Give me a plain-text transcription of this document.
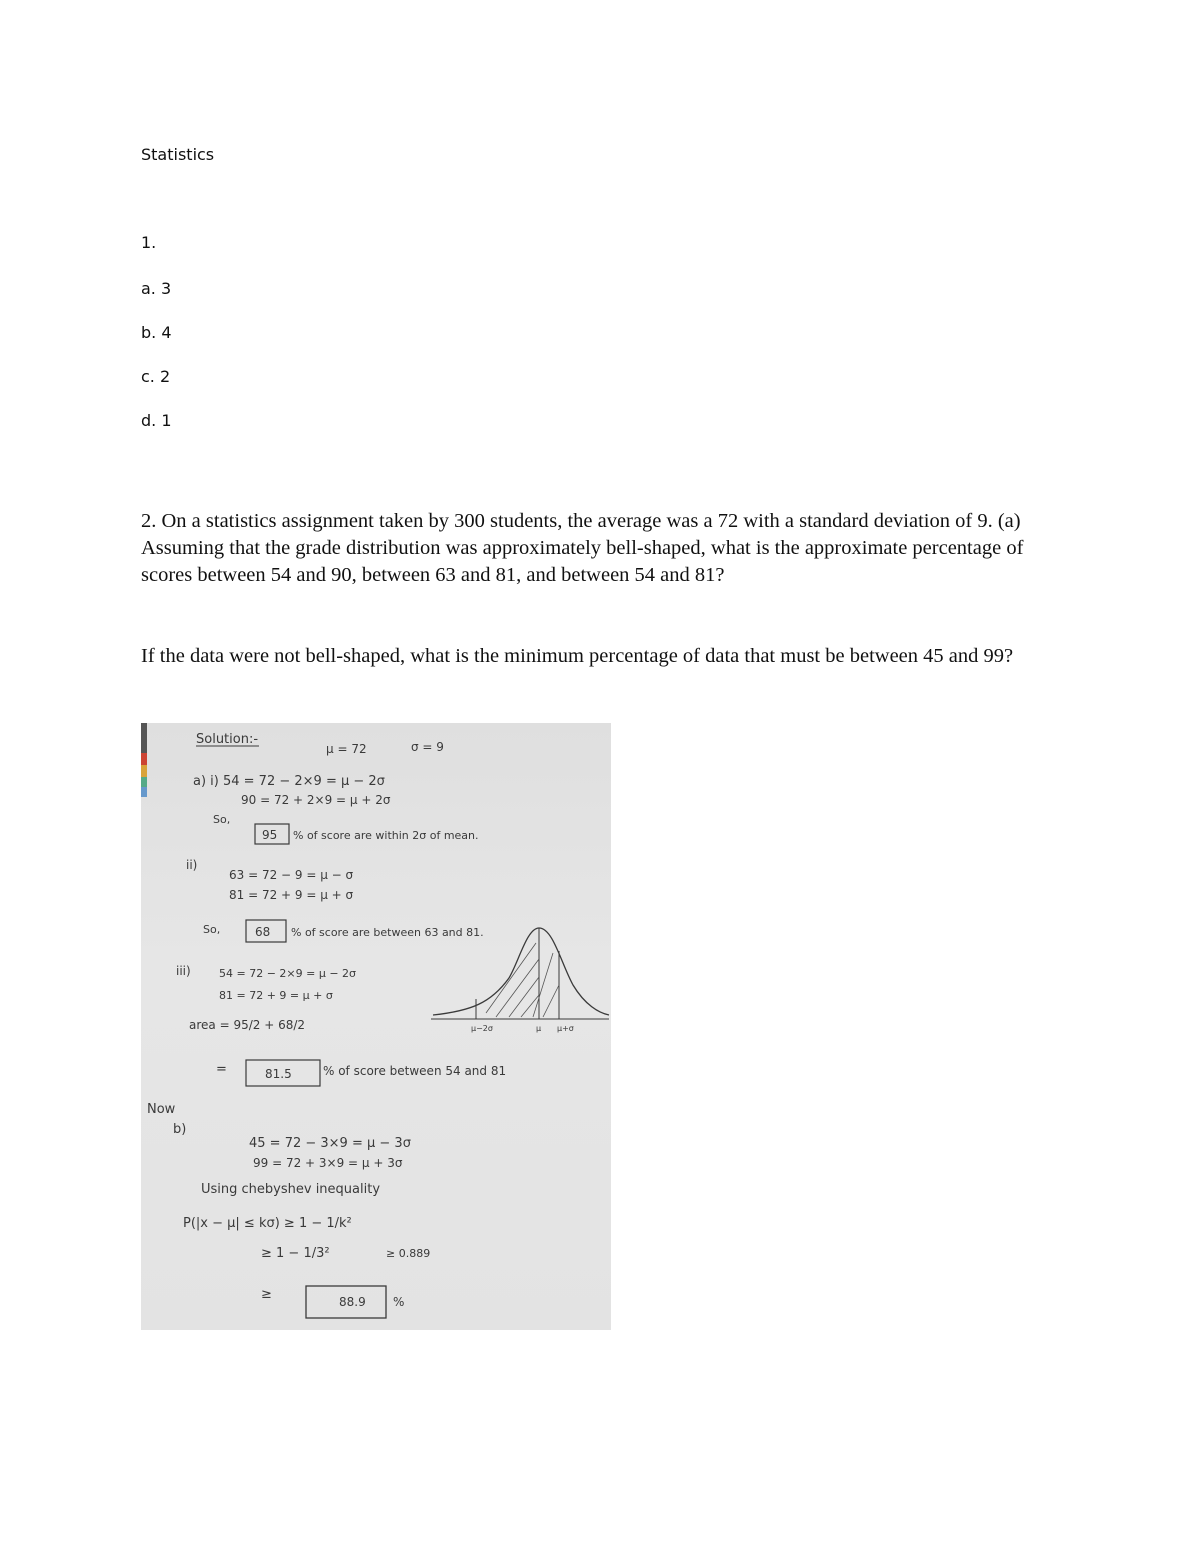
Statistics
1.
a. 3
b. 4
c. 2
d. 1
2. On a statistics assignment taken by 300 students, the average was a 72 with a standard deviation of 9. (a) Assuming that the grade distribution was approximately bell-shaped, what is the approximate percentage of scores between 54 and 90, between 63 and 81, and between 54 and 81?
If the data were not bell-shaped, what is the minimum percentage of data that must be between 45 and 99?
Solution:-
μ = 72	σ = 9
a) i) 54 = 72 − 2×9 = μ − 2σ
90 = 72 + 2×9 = μ + 2σ
So,
95 % of score are within 2σ of mean.
ii)
63 = 72 − 9 = μ − σ
81 = 72 + 9 = μ + σ
So,	68 % of score are between 63 and 81.
iii)	54 = 72 − 2×9 = μ − 2σ
81 = 72 + 9 = μ + σ
area = 95/2 + 68/2
=	81.5	% of score between 54 and 81
μ−2σ	μ μ+σ
Now
b)
45 = 72 − 3×9 = μ − 3σ
99 = 72 + 3×9 = μ + 3σ
Using chebyshev inequality
P(|x − μ| ≤ kσ) ≥ 1 − 1/k²
≥ 1 − 1/3²	≥ 0.889
≥	88.9 %
